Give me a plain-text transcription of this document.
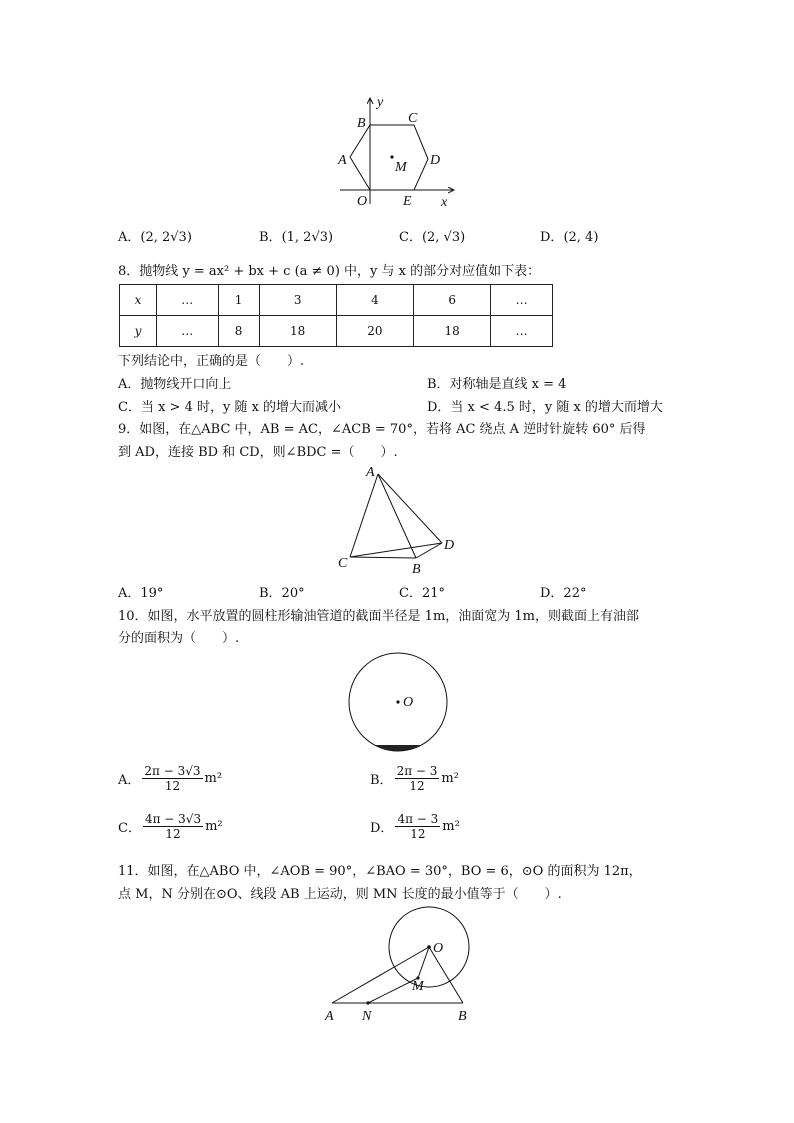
y
B	C
A	M D
O	E x
A．(2, 2√3)	B．(1, 2√3)	C．(2, √3)	D．(2, 4)
8．抛物线 y = ax² + bx + c (a ≠ 0) 中，y 与 x 的部分对应值如下表：
x	…	1	3	4	6	…
y	…	8	18	20	18	…
下列结论中，正确的是（　　）.
A．抛物线开口向上	B．对称轴是直线 x = 4
C．当 x > 4 时，y 随 x 的增大而减小	D．当 x < 4.5 时，y 随 x 的增大而增大
9．如图，在△ABC 中，AB = AC，∠ACB = 70°，若将 AC 绕点 A 逆时针旋转 60° 后得
到 AD，连接 BD 和 CD，则∠BDC =（　　）.
A
C	B
D
A．19°	B．20°	C．21°	D．22°
10．如图，水平放置的圆柱形输油管道的截面半径是 1m，油面宽为 1m，则截面上有油部
分的面积为（　　）.
O
A． $\frac{2\pi - 3√3}{12} m^2$	B． $\frac{2\pi - 3}{12} m^2$
C． $\frac{4\pi - 3√3}{12} m^2$	D． $\frac{4\pi - 3}{12} m^2$
11．如图，在△ABO 中，∠AOB = 90°，∠BAO = 30°，BO = 6，⊙O 的面积为 12π，
点 M，N 分别在⊙O、线段 AB 上运动，则 MN 长度的最小值等于（　　）.
O
M
A N	B
